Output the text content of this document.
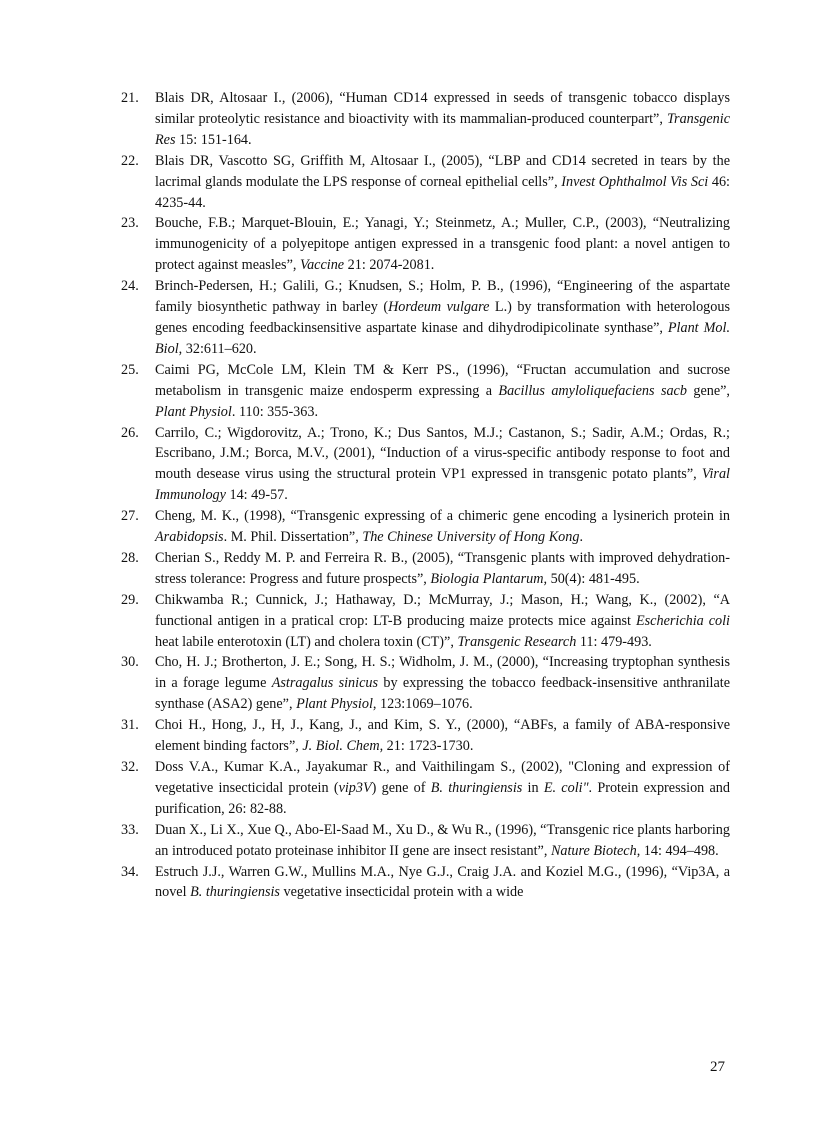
21. Blais DR, Altosaar I., (2006), “Human CD14 expressed in seeds of transgenic tobacco displays similar proteolytic resistance and bioactivity with its mammalian-produced counterpart”, Transgenic Res 15: 151-164.
22. Blais DR, Vascotto SG, Griffith M, Altosaar I., (2005), “LBP and CD14 secreted in tears by the lacrimal glands modulate the LPS response of corneal epithelial cells”, Invest Ophthalmol Vis Sci 46: 4235-44.
23. Bouche, F.B.; Marquet-Blouin, E.; Yanagi, Y.; Steinmetz, A.; Muller, C.P., (2003), “Neutralizing immunogenicity of a polyepitope antigen expressed in a transgenic food plant: a novel antigen to protect against measles”, Vaccine 21: 2074-2081.
24. Brinch-Pedersen, H.; Galili, G.; Knudsen, S.; Holm, P. B., (1996), “Engineering of the aspartate family biosynthetic pathway in barley (Hordeum vulgare L.) by transformation with heterologous genes encoding feedbackinsensitive aspartate kinase and dihydrodipicolinate synthase”, Plant Mol. Biol, 32:611–620.
25. Caimi PG, McCole LM, Klein TM & Kerr PS., (1996), “Fructan accumulation and sucrose metabolism in transgenic maize endosperm expressing a Bacillus amyloliquefaciens sacb gene”, Plant Physiol. 110: 355-363.
26. Carrilo, C.; Wigdorovitz, A.; Trono, K.; Dus Santos, M.J.; Castanon, S.; Sadir, A.M.; Ordas, R.; Escribano, J.M.; Borca, M.V., (2001), “Induction of a virus-specific antibody response to foot and mouth desease virus using the structural protein VP1 expressed in transgenic potato plants”, Viral Immunology 14: 49-57.
27. Cheng, M. K., (1998), “Transgenic expressing of a chimeric gene encoding a lysinerich protein in Arabidopsis. M. Phil. Dissertation”, The Chinese University of Hong Kong.
28. Cherian S., Reddy M. P. and Ferreira R. B., (2005), “Transgenic plants with improved dehydration-stress tolerance: Progress and future prospects”, Biologia Plantarum, 50(4): 481-495.
29. Chikwamba R.; Cunnick, J.; Hathaway, D.; McMurray, J.; Mason, H.; Wang, K., (2002), “A functional antigen in a pratical crop: LT-B producing maize protects mice against Escherichia coli heat labile enterotoxin (LT) and cholera toxin (CT)”, Transgenic Research 11: 479-493.
30. Cho, H. J.; Brotherton, J. E.; Song, H. S.; Widholm, J. M., (2000), “Increasing tryptophan synthesis in a forage legume Astragalus sinicus by expressing the tobacco feedback-insensitive anthranilate synthase (ASA2) gene”, Plant Physiol, 123:1069–1076.
31. Choi H., Hong, J., H, J., Kang, J., and Kim, S. Y., (2000), “ABFs, a family of ABA-responsive element binding factors”, J. Biol. Chem, 21: 1723-1730.
32. Doss V.A., Kumar K.A., Jayakumar R., and Vaithilingam S., (2002), "Cloning and expression of vegetative insecticidal protein (vip3V) gene of B. thuringiensis in E. coli". Protein expression and purification, 26: 82-88.
33. Duan X., Li X., Xue Q., Abo-El-Saad M., Xu D., & Wu R., (1996), “Transgenic rice plants harboring an introduced potato proteinase inhibitor II gene are insect resistant”, Nature Biotech, 14: 494–498.
34. Estruch J.J., Warren G.W., Mullins M.A., Nye G.J., Craig J.A. and Koziel M.G., (1996), “Vip3A, a novel B. thuringiensis vegetative insecticidal protein with a wide
27
